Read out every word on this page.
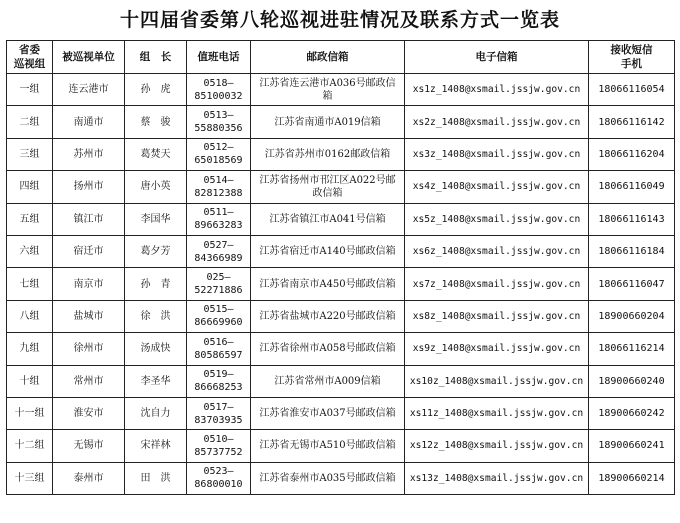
十四届省委第八轮巡视进驻情况及联系方式一览表
省委
巡视组	被巡视单位	组　长	值班电话	邮政信箱	电子信箱	接收短信
手机

一组	连云港市	孙　虎	0518—
85100032	江苏省连云港市A036号邮政信
箱	xs1z_1408@xsmail.jssjw.gov.cn	18066116054

二组	南通市	蔡　骏	0513—
55880356	江苏省南通市A019信箱	xs2z_1408@xsmail.jssjw.gov.cn	18066116142

三组	苏州市	葛焚天	0512—
65018569	江苏省苏州市0162邮政信箱	xs3z_1408@xsmail.jssjw.gov.cn	18066116204

四组	扬州市	唐小英	0514—
82812388	江苏省扬州市邗江区A022号邮
政信箱	xs4z_1408@xsmail.jssjw.gov.cn	18066116049

五组	镇江市	李国华	0511—
89663283	江苏省镇江市A041号信箱	xs5z_1408@xsmail.jssjw.gov.cn	18066116143

六组	宿迁市	葛夕芳	0527—
84366989	江苏省宿迁市A140号邮政信箱	xs6z_1408@xsmail.jssjw.gov.cn	18066116184

七组	南京市	孙　青	025—
52271886	江苏省南京市A450号邮政信箱	xs7z_1408@xsmail.jssjw.gov.cn	18066116047

八组	盐城市	徐　洪	0515—
86669960	江苏省盐城市A220号邮政信箱	xs8z_1408@xsmail.jssjw.gov.cn	18900660204

九组	徐州市	汤成快	0516—
80586597	江苏省徐州市A058号邮政信箱	xs9z_1408@xsmail.jssjw.gov.cn	18066116214

十组	常州市	李圣华	0519—
86668253	江苏省常州市A009信箱	xs10z_1408@xsmail.jssjw.gov.cn	18900660240

十一组	淮安市	沈自力	0517—
83703935	江苏省淮安市A037号邮政信箱	xs11z_1408@xsmail.jssjw.gov.cn	18900660242

十二组	无锡市	宋祥林	0510—
85737752	江苏省无锡市A510号邮政信箱	xs12z_1408@xsmail.jssjw.gov.cn	18900660241

十三组	泰州市	田　洪	0523—
86800010	江苏省泰州市A035号邮政信箱	xs13z_1408@xsmail.jssjw.gov.cn	18900660214
